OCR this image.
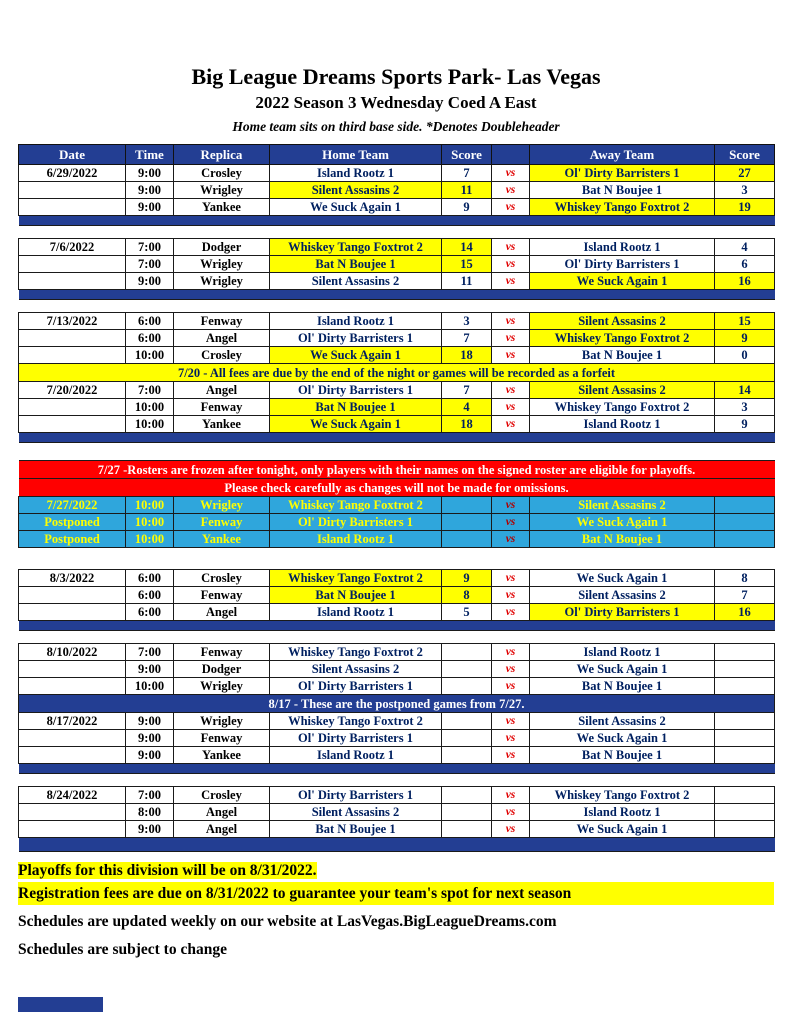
Big League Dreams Sports Park- Las Vegas
2022 Season 3 Wednesday Coed A East
Home team sits on third base side. *Denotes Doubleheader
Date	Time	Replica	Home Team	Score		Away Team	Score
6/29/2022	9:00	Crosley	Island Rootz 1	7	vs	Ol' Dirty Barristers 1	27
	9:00	Wrigley	Silent Assasins 2	11	vs	Bat N Boujee 1	3
	9:00	Yankee	We Suck Again 1	9	vs	Whiskey Tango Foxtrot 2	19

7/6/2022	7:00	Dodger	Whiskey Tango Foxtrot 2	14	vs	Island Rootz 1	4
	7:00	Wrigley	Bat N Boujee 1	15	vs	Ol' Dirty Barristers 1	6
	9:00	Wrigley	Silent Assasins 2	11	vs	We Suck Again 1	16

7/13/2022	6:00	Fenway	Island Rootz 1	3	vs	Silent Assasins 2	15
	6:00	Angel	Ol' Dirty Barristers 1	7	vs	Whiskey Tango Foxtrot 2	9
	10:00	Crosley	We Suck Again 1	18	vs	Bat N Boujee 1	0
7/20 - All fees are due by the end of the night or games will be recorded as a forfeit							
7/20/2022	7:00	Angel	Ol' Dirty Barristers 1	7	vs	Silent Assasins 2	14
	10:00	Fenway	Bat N Boujee 1	4	vs	Whiskey Tango Foxtrot 2	3
	10:00	Yankee	We Suck Again 1	18	vs	Island Rootz 1	9

7/27 -Rosters are frozen after tonight, only players with their names on the signed roster are eligible for playoffs.							
Please check carefully as changes will not be made for omissions.							
7/27/2022	10:00	Wrigley	Whiskey Tango Foxtrot 2		vs	Silent Assasins 2	
Postponed	10:00	Fenway	Ol' Dirty Barristers 1		vs	We Suck Again 1	
Postponed	10:00	Yankee	Island Rootz 1		vs	Bat N Boujee 1	

8/3/2022	6:00	Crosley	Whiskey Tango Foxtrot 2	9	vs	We Suck Again 1	8
	6:00	Fenway	Bat N Boujee 1	8	vs	Silent Assasins 2	7
	6:00	Angel	Island Rootz 1	5	vs	Ol' Dirty Barristers 1	16

8/10/2022	7:00	Fenway	Whiskey Tango Foxtrot 2		vs	Island Rootz 1	
	9:00	Dodger	Silent Assasins 2		vs	We Suck Again 1	
	10:00	Wrigley	Ol' Dirty Barristers 1		vs	Bat N Boujee 1	
8/17 - These are the postponed games from 7/27.							
8/17/2022	9:00	Wrigley	Whiskey Tango Foxtrot 2		vs	Silent Assasins 2	
	9:00	Fenway	Ol' Dirty Barristers 1		vs	We Suck Again 1	
	9:00	Yankee	Island Rootz 1		vs	Bat N Boujee 1	

8/24/2022	7:00	Crosley	Ol' Dirty Barristers 1		vs	Whiskey Tango Foxtrot 2	
	8:00	Angel	Silent Assasins 2		vs	Island Rootz 1	
	9:00	Angel	Bat N Boujee 1		vs	We Suck Again 1	

Playoffs for this division will be on 8/31/2022.
Registration fees are due on 8/31/2022 to guarantee your team's spot for next season
Schedules are updated weekly on our website at LasVegas.BigLeagueDreams.com
Schedules are subject to change
